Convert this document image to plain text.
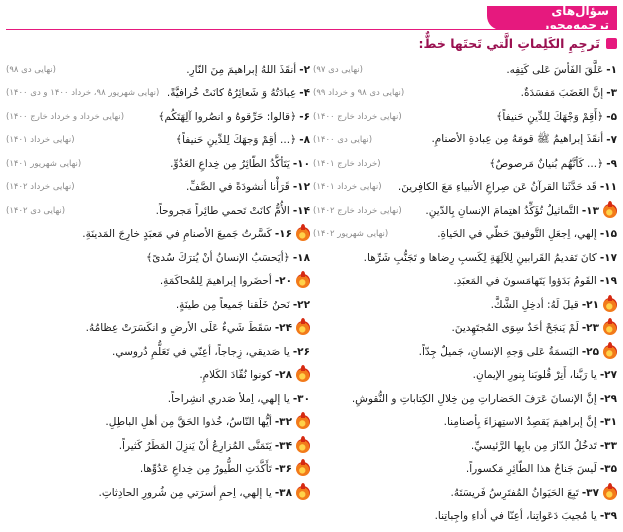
سؤال‌های ترجمه‌محور
تَرجِمِ الكَلِماتِ الَّتي تَحتَها خطٌّ:
۱-
عَلَّقَ الفَأسَ عَلی کَتِفِه.
(نهایی دی ۹۷)
۳-
إنَّ الغَضَبَ مَفسَدَةٌ.
(نهایی دی ۹۸ و خرداد ۹۹)
۵-
﴿أَقِمْ وَجْهَكَ لِلدِّينِ حَنيفاً﴾
(نهایی خرداد خارج ۱۴۰۰)
۷-
أنقَذَ إبراهيمُ ﷺ قومَهُ مِن عِبادةِ الأصنامِ.
(نهایی دی ۱۴۰۰)
۹-
﴿... كَأنَّهُم بُنيانٌ مَرصوصٌ﴾
(خرداد خارج ۱۴۰۱)
۱۱-
قَد حَدَّثَنا القرآنُ عَن صِراعِ الأنبياءِ مَعَ الكافِرينَ.
(نهایی خرداد ۱۴۰۱)
۱۳-
التَّماثيلُ تُؤَكِّدُ اهتِمامَ الإنسانِ بِالدّينِ.
(نهایی خرداد خارج ۱۴۰۲)
۱۵-
إلهي، اِجعَلِ التَّوفيقَ حَظّي في الحَياةِ.
(نهایی شهریور ۱۴۰۲)
۱۷-
كانَ تَقديمُ القَرابينِ لِلآلِهَةِ لِكَسبِ رِضاها و تَجَنُّبِ شَرِّها.
۱۹-
القَومُ بَدَؤوا يَتَهامَسونَ في المَعبَدِ.
۲۱-
قيلَ لَهُ: أدخِلِ الشَّكَّ.
۲۳-
لَمْ يَنجَحْ أحَدٌ سِوَى المُجتَهِدينَ.
۲۵-
البَسمَةُ عَلی وَجهِ الإنسانِ، جَميلٌ جِدّاً.
۲۷-
يا رَبَّنا، أَنِرْ قُلوبَنا بِنورِ الإيمانِ.
۲۹-
إنَّ الإنسانَ عَرَفَ الحَضاراتِ مِن خِلالِ الكِتاباتِ و النُّقوشِ.
۳۱-
إنَّ إبراهيمَ يَقصِدُ الاستِهزاءَ بِأصنامِنا.
۳۳-
تَدخُلُ الدّارَ مِن بابِها الرَّئيسيِّ.
۳۵-
لَيسَ جَناحُ هذا الطّائِرِ مَكسوراً.
۳۷-
تَبِعَ الحَيَوانُ المُفتَرِسُ فَريسَتَهُ.
۳۹-
يا مُجيبَ دَعَواتِنا، أعِنّا في أداءِ واجِباتِنا.
۲-
أنقَذَ اللهُ إبراهيمَ مِنَ النّارِ.
(نهایی دی ۹۸)
۴-
عِبادَتُهُ وَ شَعائِرُهُ كانَتْ خُرافيَّةً.
(نهایی شهریور ۹۸، خرداد ۱۴۰۰ و دی ۱۴۰۰)
۶-
﴿قالوا: حَرِّقوهُ و انصُروا آلِهَتَكُم﴾
(نهایی خرداد و خرداد خارج ۱۴۰۰)
۸-
﴿... أقِمْ وَجهَكَ لِلدِّينِ حَنيفاً﴾
(نهایی خرداد ۱۴۰۱)
۱۰-
يَتَأكَّدُ الطّائِرُ مِن خِداعِ العَدُوِّ.
(نهایی شهریور ۱۴۰۱)
۱۲-
قَرَأْنا أنشودَةً في الصَّفِّ.
(نهایی خرداد ۱۴۰۲)
۱۴-
الأُمُّ كانَتْ تَحمي طائِراً مَجروحاً.
(نهایی دی ۱۴۰۲)
۱۶-
كَسَّرتُ جَميعَ الأصنامِ في مَعبَدٍ خارِجَ المَدينَةِ.
۱۸-
﴿أيَحسَبُ الإنسانُ أنْ يُترَكَ سُدىً﴾
۲۰-
أحضَروا إبراهيمَ لِلمُحاكَمَةِ.
۲۲-
نَحنُ خَلَقنا جَميعاً مِن طينَةٍ.
۲۴-
سَقَطَ شَيءٌ عَلَى الأرضِ و انكَسَرَتْ عِظامُهُ.
۲۶-
يا صَديقي، زِجاجاً، أعِنّي في تَعَلُّمِ دُروسي.
۲۸-
كونوا نُقّادَ الكَلامِ.
۳۰-
يا إلهي، اِملأ صَدري انشِراحاً.
۳۲-
أيُّها النّاسُ، خُذوا الحَقَّ مِن أهلِ الباطِلِ.
۳۴-
يَتَمَنَّى المُزارِعُ أنْ يَنزِلَ المَطَرُ كَثيراً.
۳۶-
تَأَكَّدَتِ الطُّيورُ مِن خِداعِ عَدُوِّها.
۳۸-
يا إلهي، اِحمِ أسرَتي مِن شُرورِ الحادِثاتِ.
